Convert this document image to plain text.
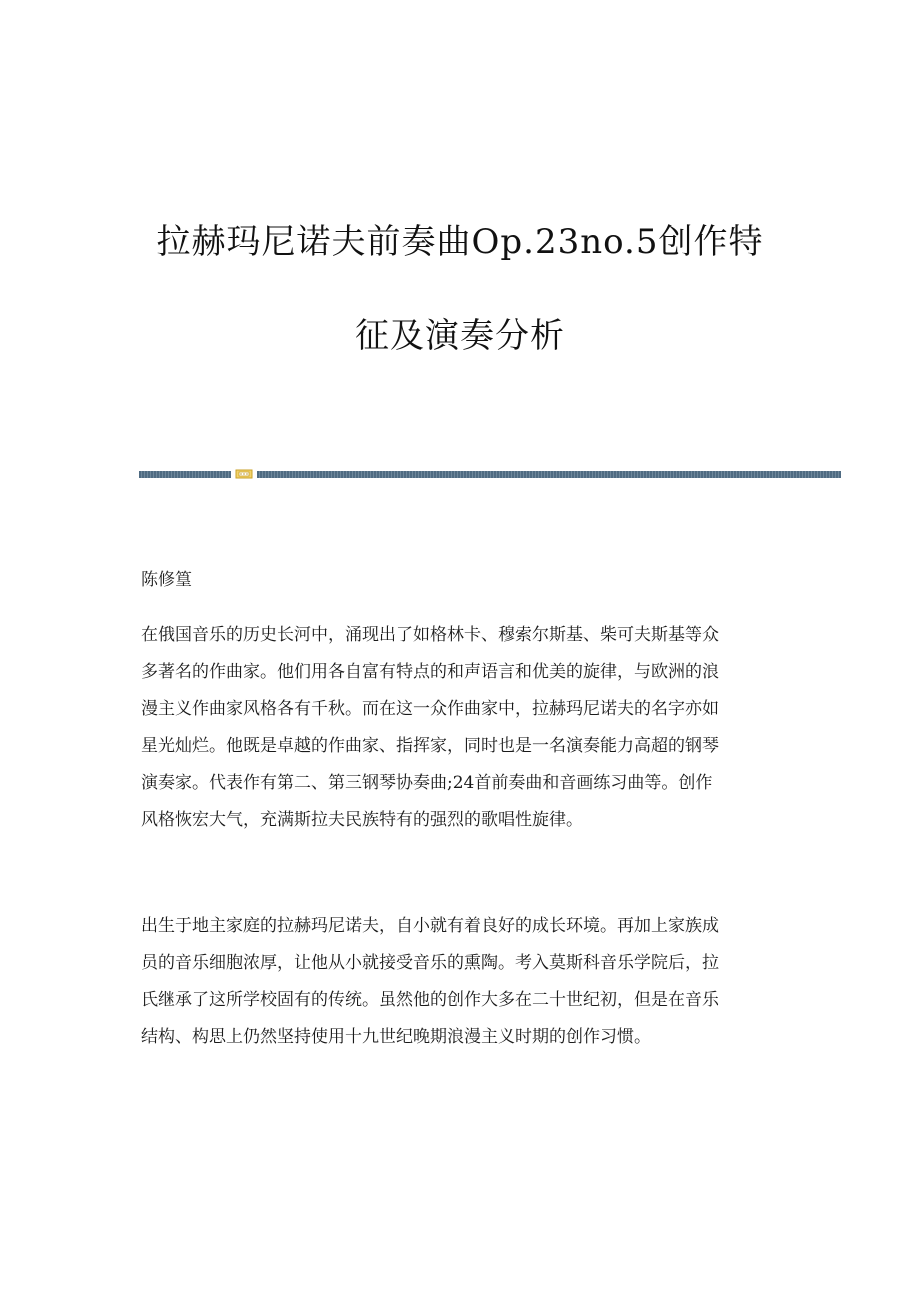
拉赫玛尼诺夫前奏曲Op.23no.5创作特
征及演奏分析
陈修篁
在俄国音乐的历史长河中，涌现出了如格林卡、穆索尔斯基、柴可夫斯基等众
多著名的作曲家。他们用各自富有特点的和声语言和优美的旋律，与欧洲的浪
漫主义作曲家风格各有千秋。而在这一众作曲家中，拉赫玛尼诺夫的名字亦如
星光灿烂。他既是卓越的作曲家、指挥家，同时也是一名演奏能力高超的钢琴
演奏家。代表作有第二、第三钢琴协奏曲;24首前奏曲和音画练习曲等。创作
风格恢宏大气，充满斯拉夫民族特有的强烈的歌唱性旋律。
出生于地主家庭的拉赫玛尼诺夫，自小就有着良好的成长环境。再加上家族成
员的音乐细胞浓厚，让他从小就接受音乐的熏陶。考入莫斯科音乐学院后，拉
氏继承了这所学校固有的传统。虽然他的创作大多在二十世纪初，但是在音乐
结构、构思上仍然坚持使用十九世纪晚期浪漫主义时期的创作习惯。
